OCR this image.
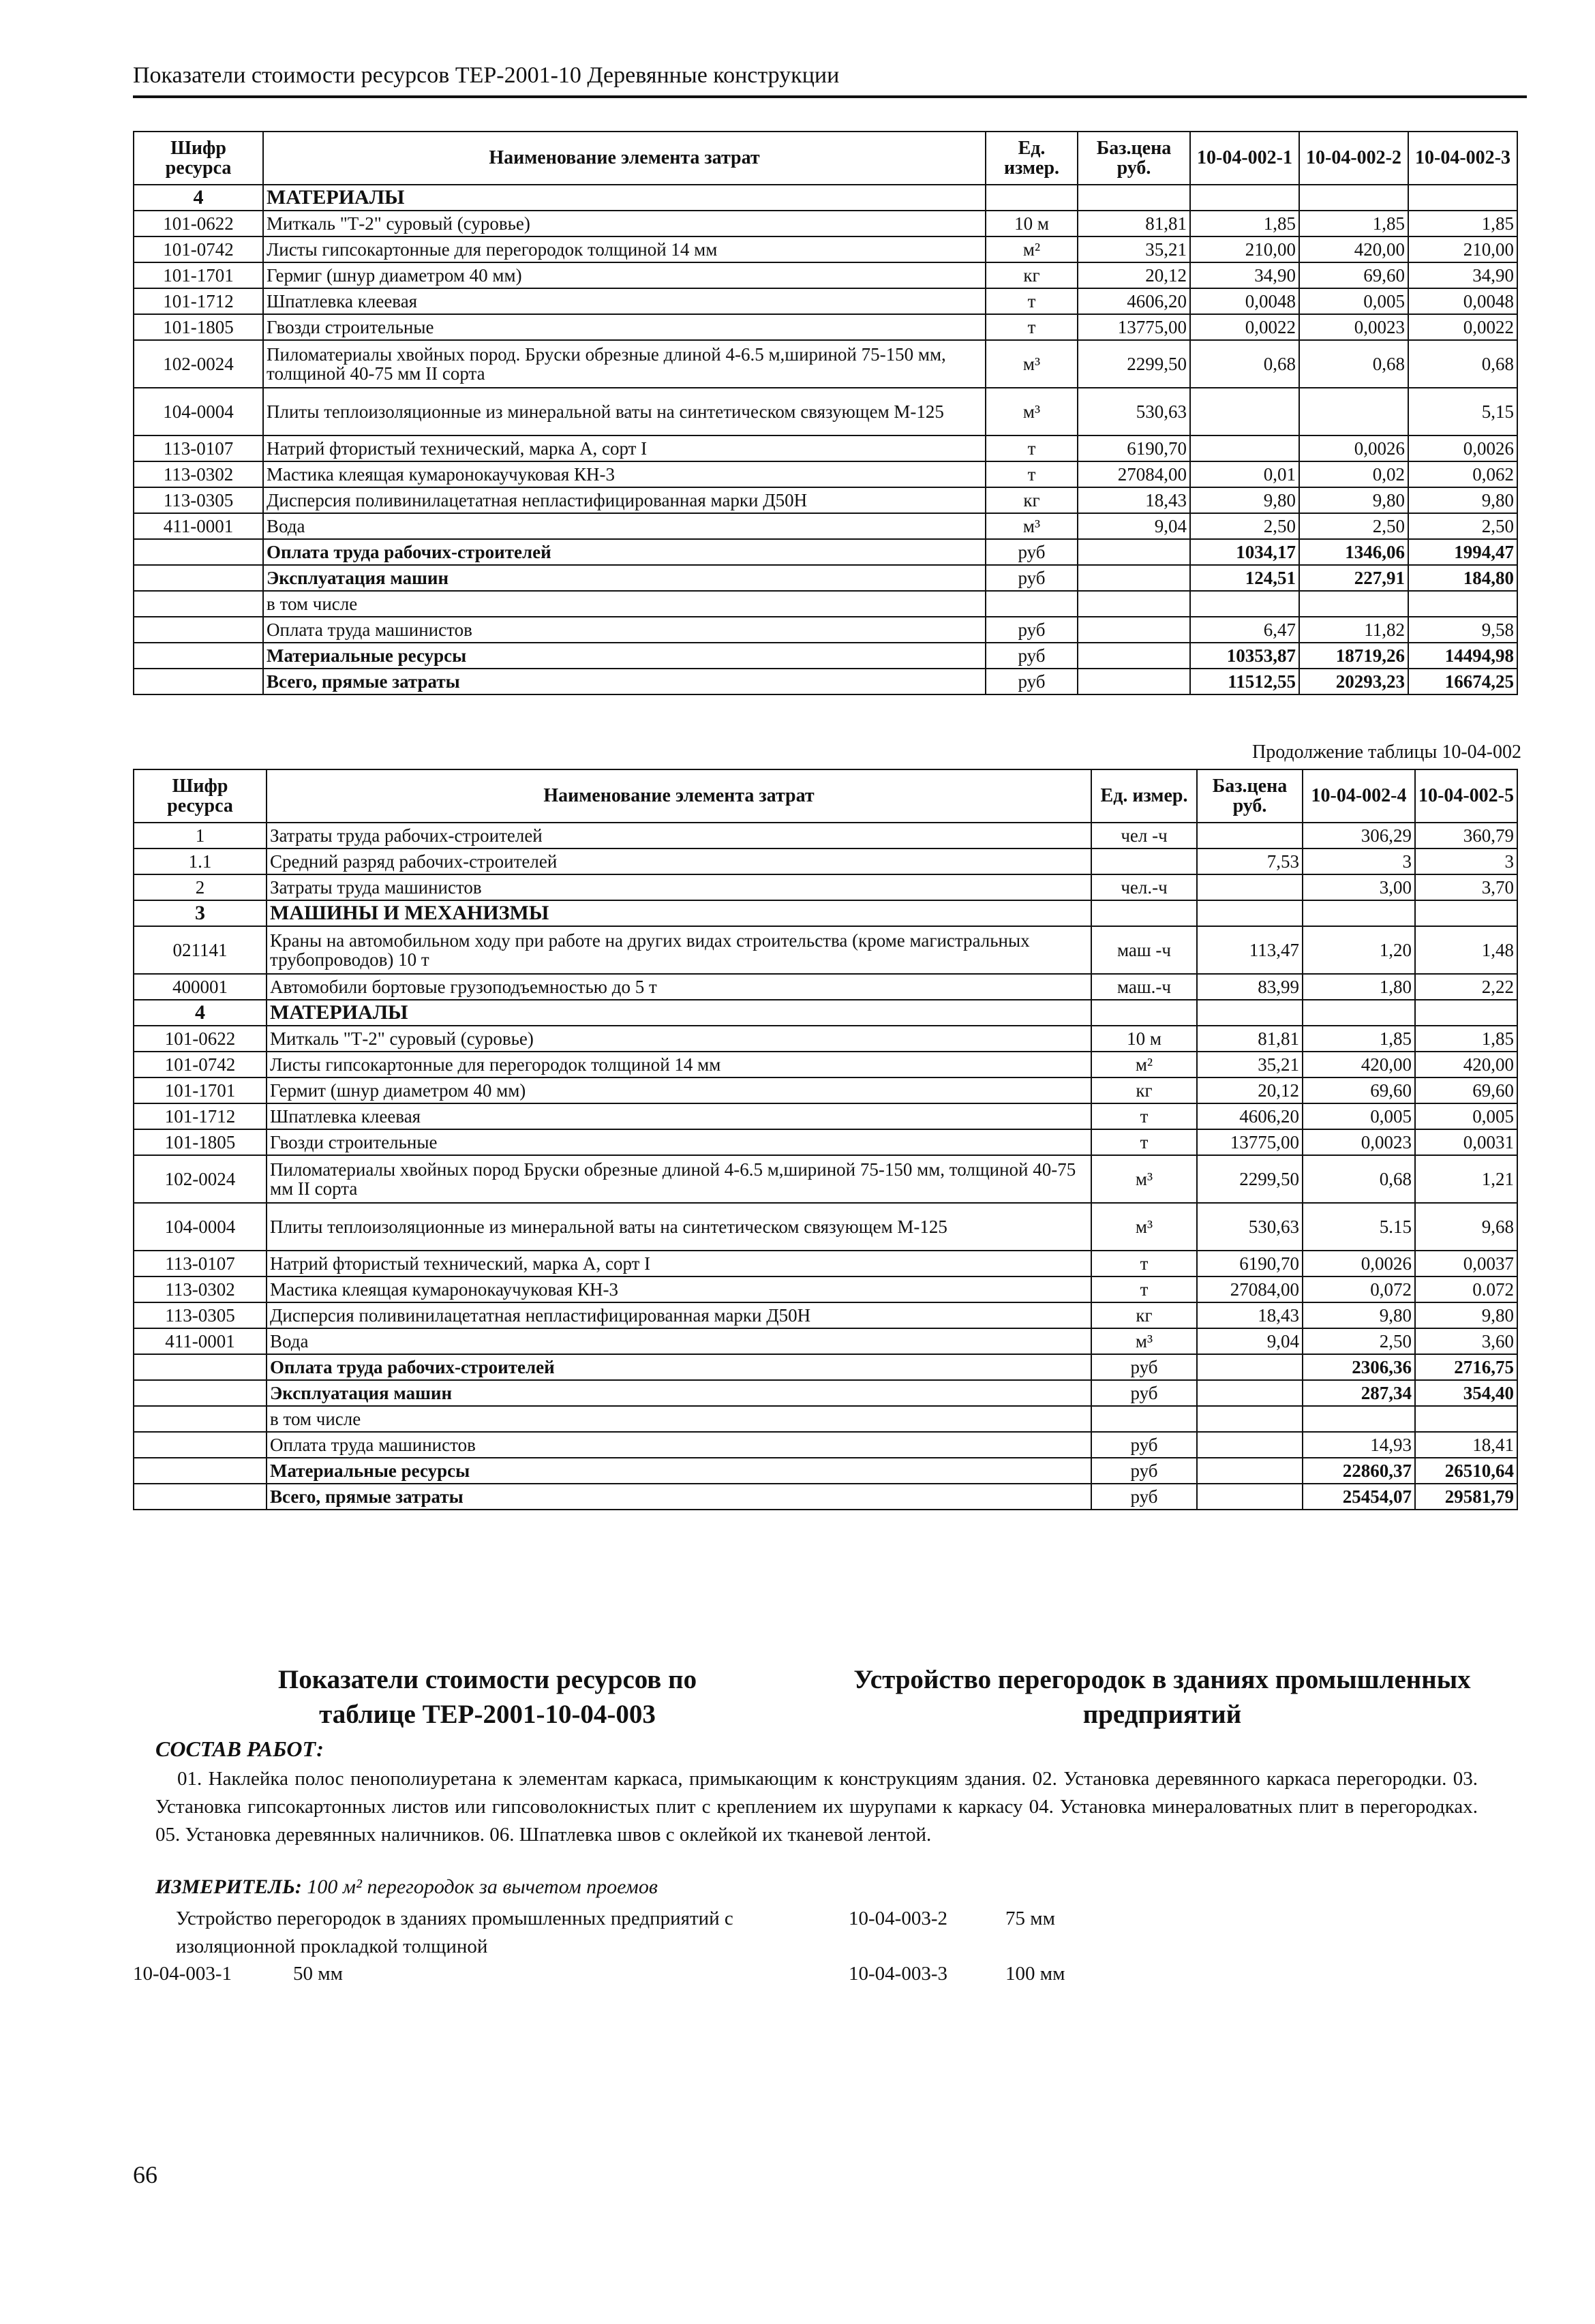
Показатели стоимости ресурсов ТЕР-2001-10 Деревянные конструкции
Шифр ресурса	Наименование элемента затрат	Ед. измер.	Баз.цена руб.	10-04-002-1	10-04-002-2	10-04-002-3
4	МАТЕРИАЛЫ					
101-0622	Миткаль "Т-2" суровый (суровье)	10 м	81,81	1,85	1,85	1,85
101-0742	Листы гипсокартонные для перегородок толщиной 14 мм	м²	35,21	210,00	420,00	210,00
101-1701	Гермиг (шнур диаметром 40 мм)	кг	20,12	34,90	69,60	34,90
101-1712	Шпатлевка клеевая	т	4606,20	0,0048	0,005	0,0048
101-1805	Гвозди строительные	т	13775,00	0,0022	0,0023	0,0022
102-0024	Пиломатериалы хвойных пород. Бруски обрезные длиной 4-6.5 м,шириной 75-150 мм, толщиной 40-75 мм II сорта	м³	2299,50	0,68	0,68	0,68
104-0004	Плиты теплоизоляционные из минеральной ваты на синтетическом связующем М-125	м³	530,63			5,15
113-0107	Натрий фтористый технический, марка А, сорт I	т	6190,70		0,0026	0,0026
113-0302	Мастика клеящая кумаронокаучуковая КН-3	т	27084,00	0,01	0,02	0,062
113-0305	Дисперсия поливинилацетатная непластифицированная марки Д50Н	кг	18,43	9,80	9,80	9,80
411-0001	Вода	м³	9,04	2,50	2,50	2,50
	Оплата труда рабочих-строителей	руб		1034,17	1346,06	1994,47
	Эксплуатация машин	руб		124,51	227,91	184,80
	в том числе					
	Оплата труда машинистов	руб		6,47	11,82	9,58
	Материальные ресурсы	руб		10353,87	18719,26	14494,98
	Всего, прямые затраты	руб		11512,55	20293,23	16674,25
Продолжение таблицы 10-04-002
Шифр ресурса	Наименование элемента затрат	Ед. измер.	Баз.цена руб.	10-04-002-4	10-04-002-5
1	Затраты труда рабочих-строителей	чел -ч		306,29	360,79
1.1	Средний разряд рабочих-строителей		7,53	3	3
2	Затраты труда машинистов	чел.-ч		3,00	3,70
3	МАШИНЫ И МЕХАНИЗМЫ				
021141	Краны на автомобильном ходу при работе на других видах строительства (кроме магистральных трубопроводов) 10 т	маш -ч	113,47	1,20	1,48
400001	Автомобили бортовые грузоподъемностью до 5 т	маш.-ч	83,99	1,80	2,22
4	МАТЕРИАЛЫ				
101-0622	Миткаль "Т-2" суровый (суровье)	10 м	81,81	1,85	1,85
101-0742	Листы гипсокартонные для перегородок толщиной 14 мм	м²	35,21	420,00	420,00
101-1701	Гермит (шнур диаметром 40 мм)	кг	20,12	69,60	69,60
101-1712	Шпатлевка клеевая	т	4606,20	0,005	0,005
101-1805	Гвозди строительные	т	13775,00	0,0023	0,0031
102-0024	Пиломатериалы хвойных пород Бруски обрезные длиной 4-6.5 м,шириной 75-150 мм, толщиной 40-75 мм II сорта	м³	2299,50	0,68	1,21
104-0004	Плиты теплоизоляционные из минеральной ваты на синтетическом связующем М-125	м³	530,63	5.15	9,68
113-0107	Натрий фтористый технический, марка А, сорт I	т	6190,70	0,0026	0,0037
113-0302	Мастика клеящая кумаронокаучуковая КН-3	т	27084,00	0,072	0.072
113-0305	Дисперсия поливинилацетатная непластифицированная марки Д50Н	кг	18,43	9,80	9,80
411-0001	Вода	м³	9,04	2,50	3,60
	Оплата труда рабочих-строителей	руб		2306,36	2716,75
	Эксплуатация машин	руб		287,34	354,40
	в том числе				
	Оплата труда машинистов	руб		14,93	18,41
	Материальные ресурсы	руб		22860,37	26510,64
	Всего, прямые затраты	руб		25454,07	29581,79
Показатели стоимости ресурсов по таблице ТЕР-2001-10-04-003
Устройство перегородок в зданиях промышленных предприятий
СОСТАВ РАБОТ:
01. Наклейка полос пенополиуретана к элементам каркаса, примыкающим к конструкциям здания. 02. Установка деревянного каркаса перегородки. 03. Установка гипсокартонных листов или гипсоволокнистых плит с креплением их шурупами к каркасу 04. Установка минераловатных плит в перегородках. 05. Установка деревянных наличников. 06. Шпатлевка швов с оклейкой их тканевой лентой.
ИЗМЕРИТЕЛЬ: 100 м² перегородок за вычетом проемов
Устройство перегородок в зданиях промышленных предприятий с изоляционной прокладкой толщиной
10-04-003-1	50 мм
10-04-003-2	75 мм
10-04-003-3	100 мм
66
